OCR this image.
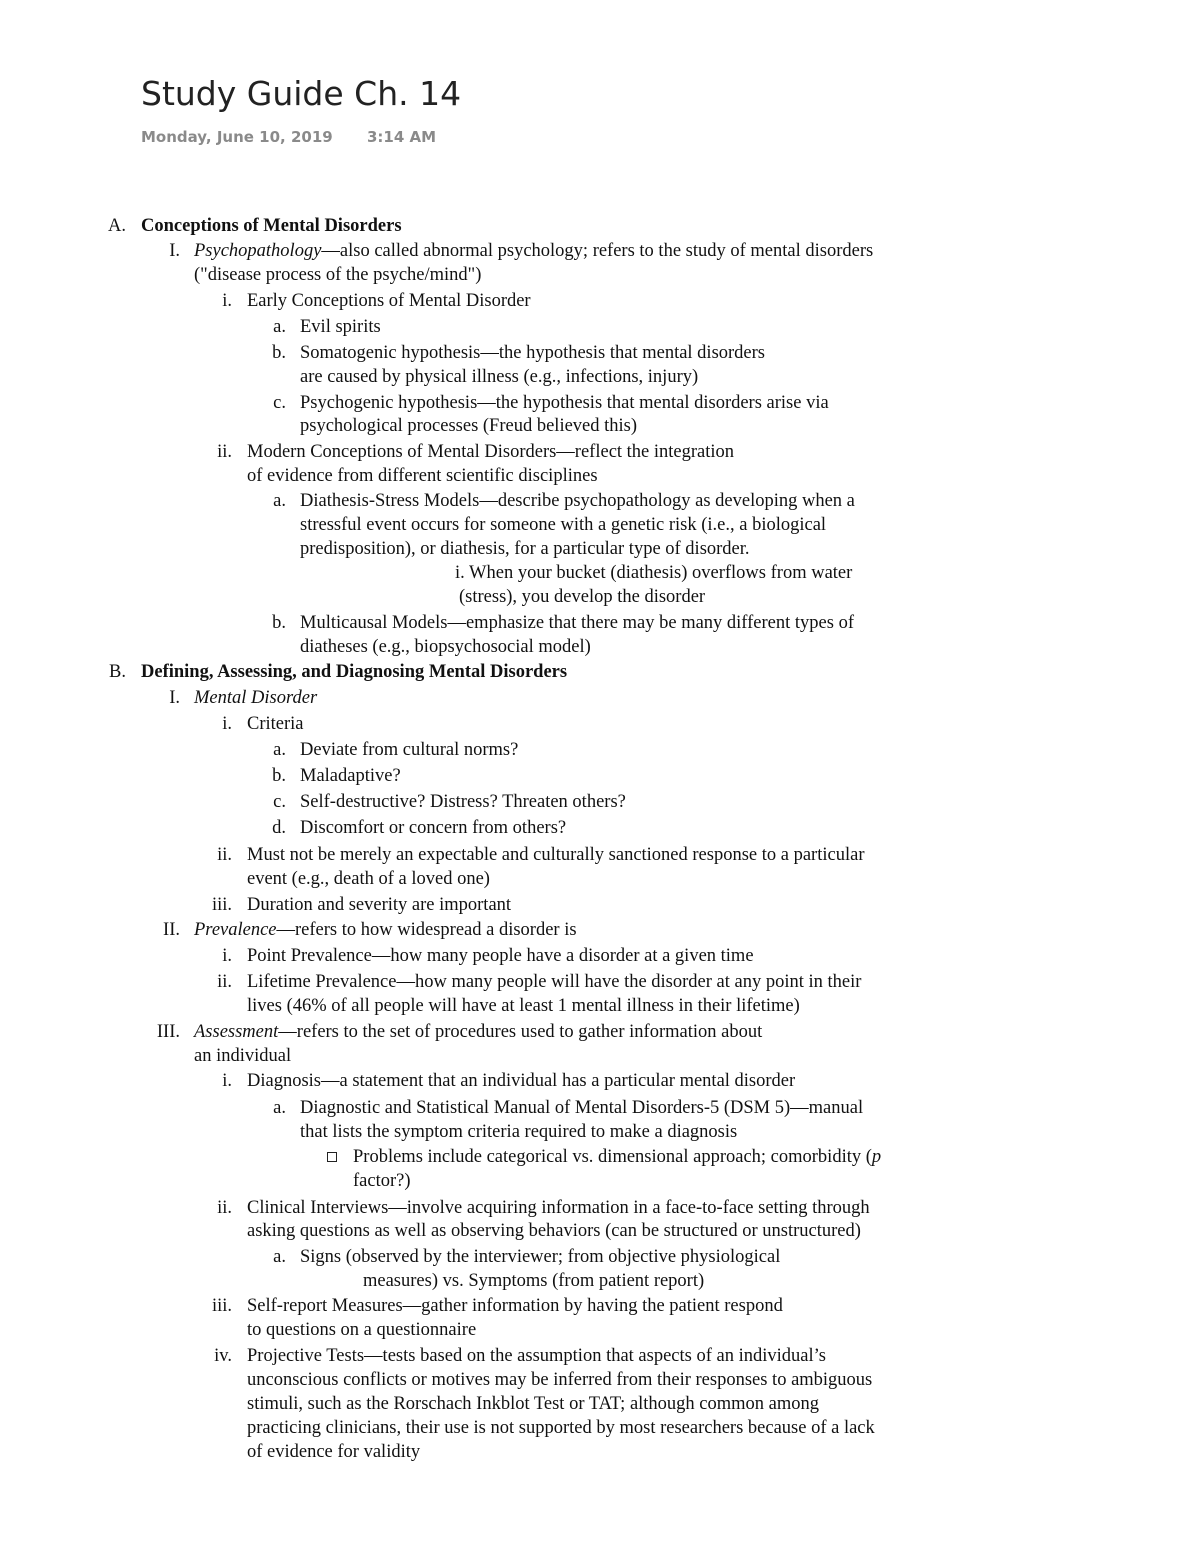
Study Guide Ch. 14
Monday, June 10, 2019 3:14 AM
A. Conceptions of Mental Disorders
I. Psychopathology—also called abnormal psychology; refers to the study of mental disorders
("disease process of the psyche/mind")
i. Early Conceptions of Mental Disorder
a. Evil spirits
b. Somatogenic hypothesis—the hypothesis that mental disorders
are caused by physical illness (e.g., infections, injury)
c. Psychogenic hypothesis—the hypothesis that mental disorders arise via
psychological processes (Freud believed this)
ii. Modern Conceptions of Mental Disorders—reflect the integration
of evidence from different scientific disciplines
a. Diathesis-Stress Models—describe psychopathology as developing when a
stressful event occurs for someone with a genetic risk (i.e., a biological
predisposition), or diathesis, for a particular type of disorder.
i. When your bucket (diathesis) overflows from water
(stress), you develop the disorder
b. Multicausal Models—emphasize that there may be many different types of
diatheses (e.g., biopsychosocial model)
B. Defining, Assessing, and Diagnosing Mental Disorders
I. Mental Disorder
i. Criteria
a. Deviate from cultural norms?
b. Maladaptive?
c. Self-destructive? Distress? Threaten others?
d. Discomfort or concern from others?
ii. Must not be merely an expectable and culturally sanctioned response to a particular
event (e.g., death of a loved one)
iii. Duration and severity are important
II. Prevalence—refers to how widespread a disorder is
i. Point Prevalence—how many people have a disorder at a given time
ii. Lifetime Prevalence—how many people will have the disorder at any point in their
lives (46% of all people will have at least 1 mental illness in their lifetime)
III. Assessment—refers to the set of procedures used to gather information about
an individual
i. Diagnosis—a statement that an individual has a particular mental disorder
a. Diagnostic and Statistical Manual of Mental Disorders-5 (DSM 5)—manual
that lists the symptom criteria required to make a diagnosis
Problems include categorical vs. dimensional approach; comorbidity (p
factor?)
ii. Clinical Interviews—involve acquiring information in a face-to-face setting through
asking questions as well as observing behaviors (can be structured or unstructured)
a. Signs (observed by the interviewer; from objective physiological
measures) vs. Symptoms (from patient report)
iii. Self-report Measures—gather information by having the patient respond
to questions on a questionnaire
iv. Projective Tests—tests based on the assumption that aspects of an individual’s
unconscious conflicts or motives may be inferred from their responses to ambiguous
stimuli, such as the Rorschach Inkblot Test or TAT; although common among
practicing clinicians, their use is not supported by most researchers because of a lack
of evidence for validity
